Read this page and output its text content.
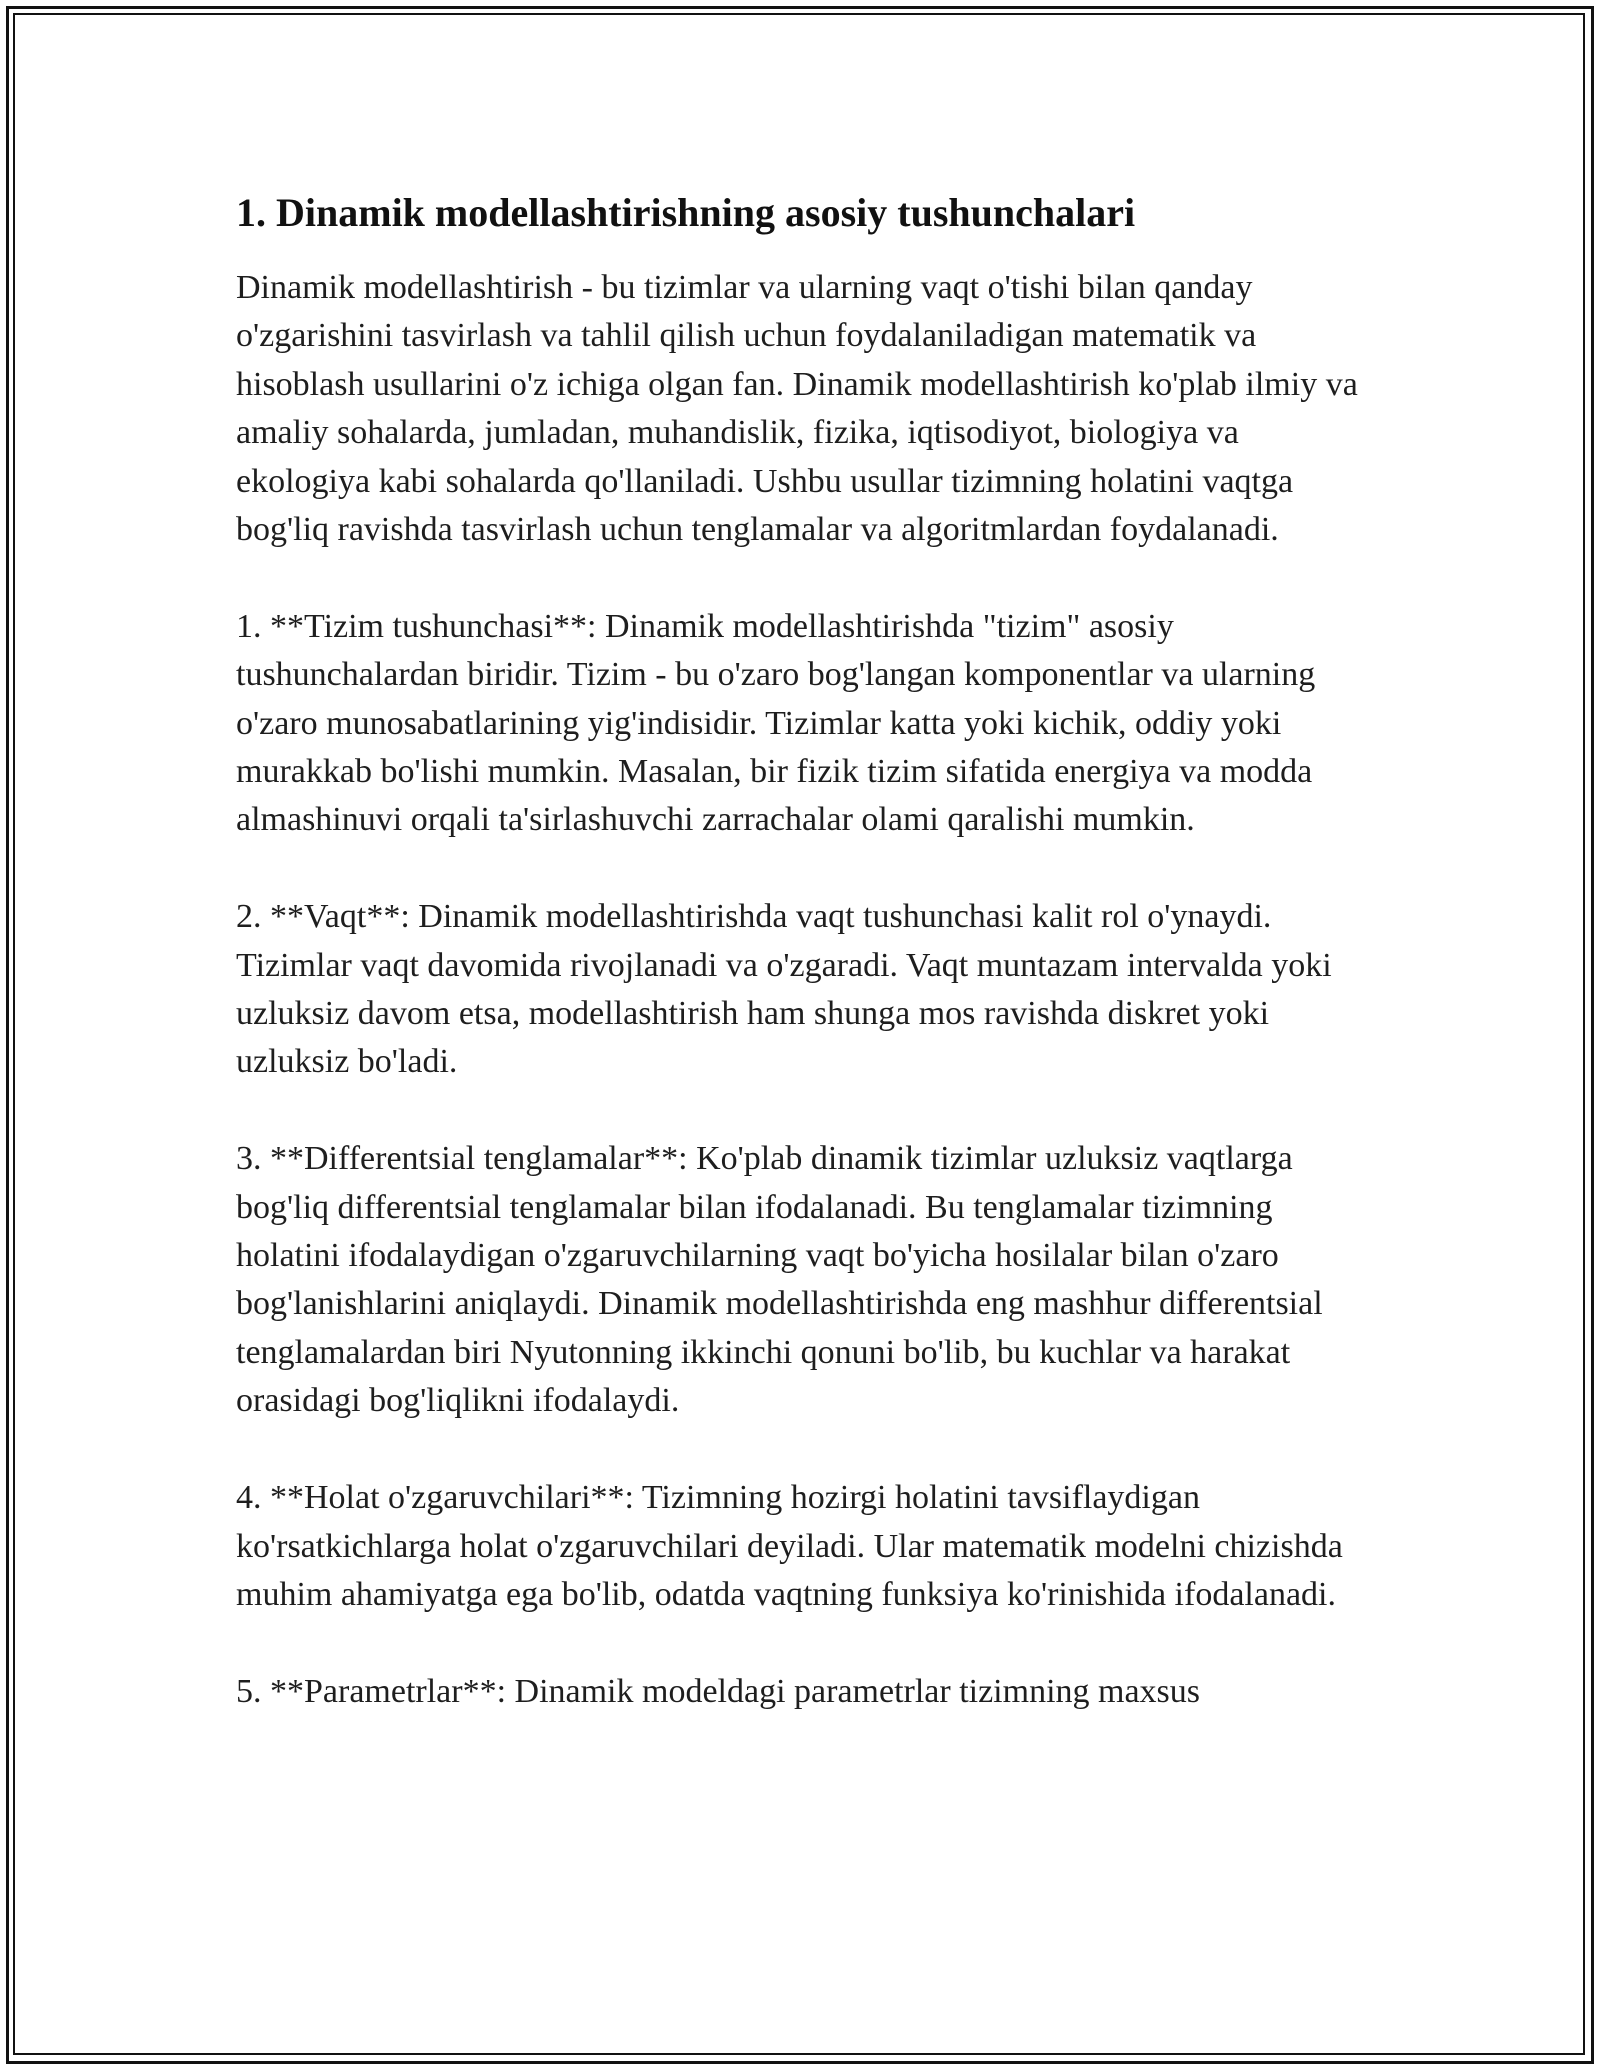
1. Dinamik modellashtirishning asosiy tushunchalari

Dinamik modellashtirish - bu tizimlar va ularning vaqt o'tishi bilan qanday o'zgarishini tasvirlash va tahlil qilish uchun foydalaniladigan matematik va hisoblash usullarini o'z ichiga olgan fan. Dinamik modellashtirish ko'plab ilmiy va amaliy sohalarda, jumladan, muhandislik, fizika, iqtisodiyot, biologiya va ekologiya kabi sohalarda qo'llaniladi. Ushbu usullar tizimning holatini vaqtga bog'liq ravishda tasvirlash uchun tenglamalar va algoritmlardan foydalanadi.

1. **Tizim tushunchasi**: Dinamik modellashtirishda "tizim" asosiy tushunchalardan biridir. Tizim - bu o'zaro bog'langan komponentlar va ularning o'zaro munosabatlarining yig'indisidir. Tizimlar katta yoki kichik, oddiy yoki murakkab bo'lishi mumkin. Masalan, bir fizik tizim sifatida energiya va modda almashinuvi orqali ta'sirlashuvchi zarrachalar olami qaralishi mumkin.

2. **Vaqt**: Dinamik modellashtirishda vaqt tushunchasi kalit rol o'ynaydi. Tizimlar vaqt davomida rivojlanadi va o'zgaradi. Vaqt muntazam intervalda yoki uzluksiz davom etsa, modellashtirish ham shunga mos ravishda diskret yoki uzluksiz bo'ladi.

3. **Differentsial tenglamalar**: Ko'plab dinamik tizimlar uzluksiz vaqtlarga bog'liq differentsial tenglamalar bilan ifodalanadi. Bu tenglamalar tizimning holatini ifodalaydigan o'zgaruvchilarning vaqt bo'yicha hosilalar bilan o'zaro bog'lanishlarini aniqlaydi. Dinamik modellashtirishda eng mashhur differentsial tenglamalardan biri Nyutonning ikkinchi qonuni bo'lib, bu kuchlar va harakat orasidagi bog'liqlikni ifodalaydi.

4. **Holat o'zgaruvchilari**: Tizimning hozirgi holatini tavsiflaydigan ko'rsatkichlarga holat o'zgaruvchilari deyiladi. Ular matematik modelni chizishda muhim ahamiyatga ega bo'lib, odatda vaqtning funksiya ko'rinishida ifodalanadi.

5. **Parametrlar**: Dinamik modeldagi parametrlar tizimning maxsus
